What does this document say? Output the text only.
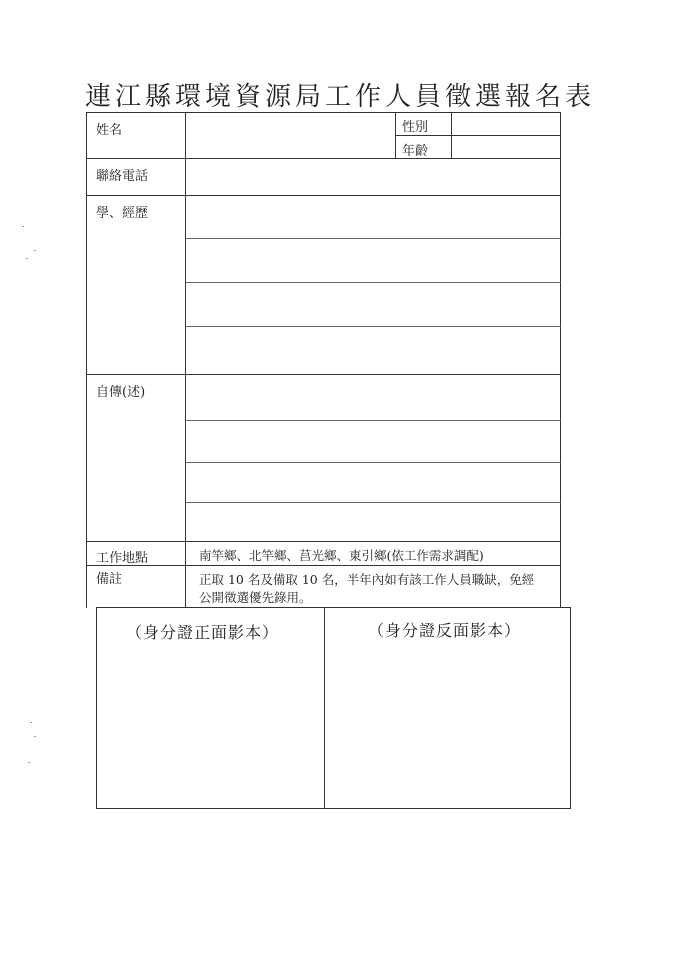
連江縣環境資源局工作人員徵選報名表
姓名	性別
年齡
聯絡電話
學、經歷
自傳(述)
工作地點
備註
南竿鄉、北竿鄉、莒光鄉、東引鄉(依工作需求調配)
正取 10 名及備取 10 名，半年內如有該工作人員職缺，免經
公開徵選優先錄用。
（身分證正面影本）	（身分證反面影本）
